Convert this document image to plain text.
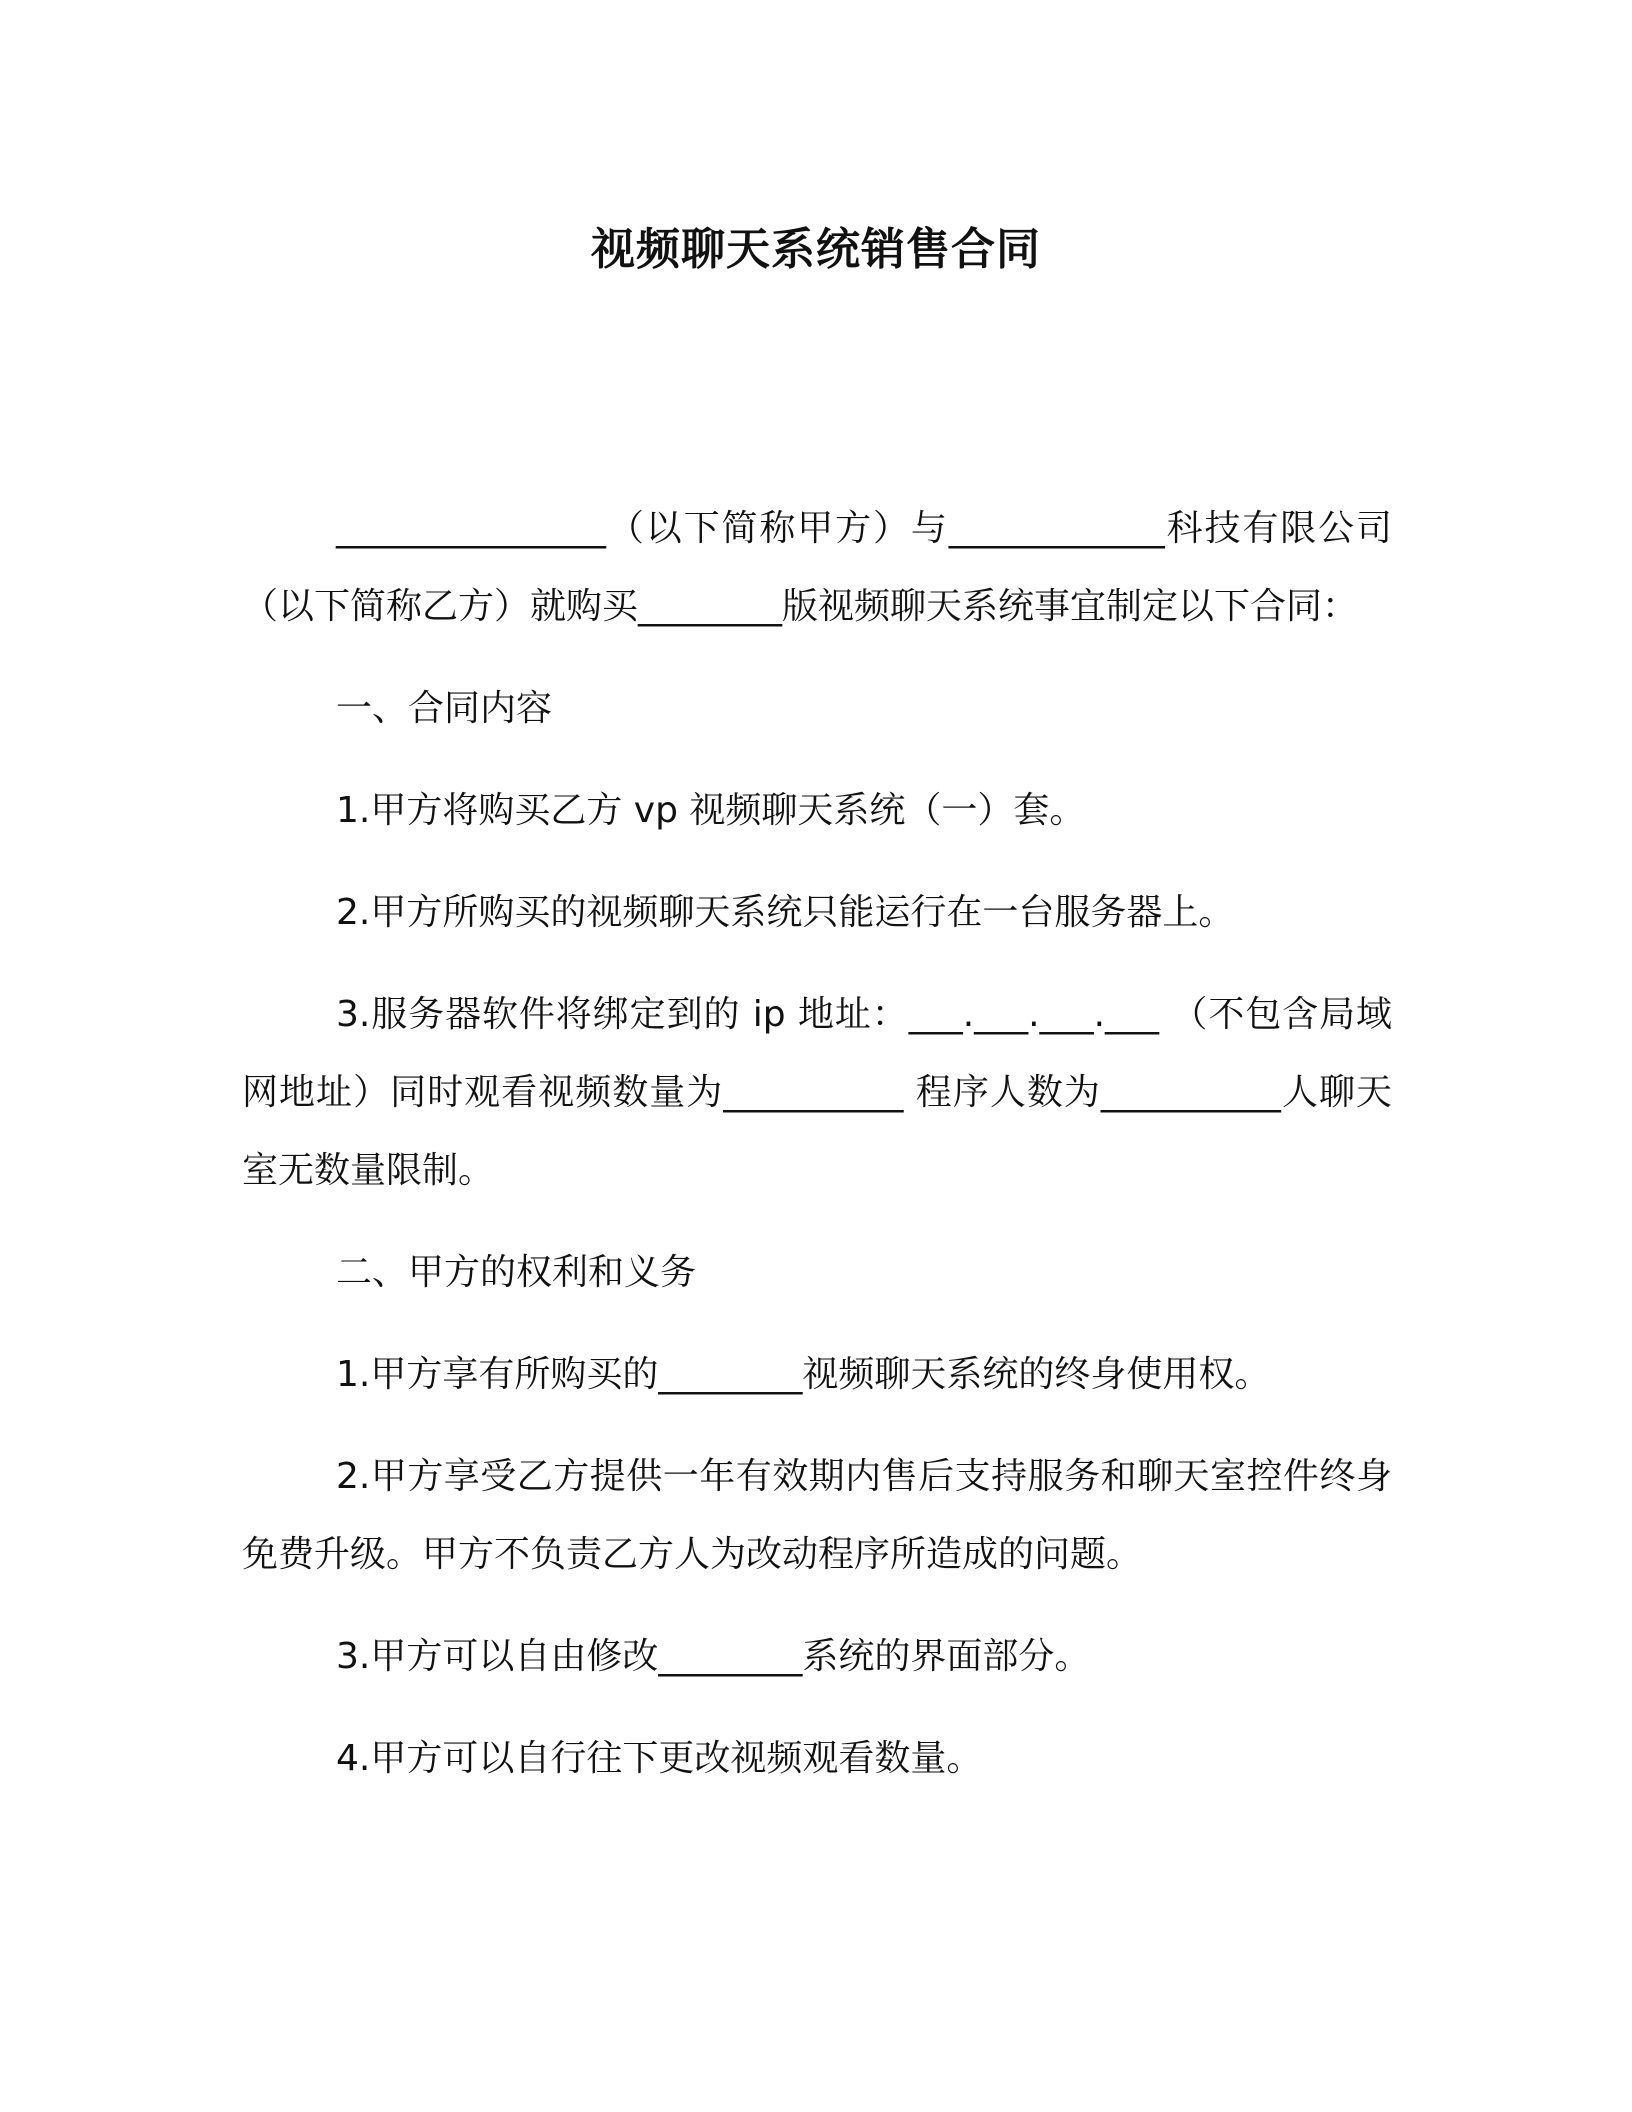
视频聊天系统销售合同

_______________（以下简称甲方）与____________科技有限公司（以下简称乙方）就购买________版视频聊天系统事宜制定以下合同：

一、合同内容

1.甲方将购买乙方 vp 视频聊天系统（一）套。

2.甲方所购买的视频聊天系统只能运行在一台服务器上。

3.服务器软件将绑定到的 ip 地址：___.___.___.___ （不包含局域网地址）同时观看视频数量为__________ 程序人数为__________人聊天室无数量限制。

二、甲方的权利和义务

1.甲方享有所购买的________视频聊天系统的终身使用权。

2.甲方享受乙方提供一年有效期内售后支持服务和聊天室控件终身免费升级。甲方不负责乙方人为改动程序所造成的问题。

3.甲方可以自由修改________系统的界面部分。

4.甲方可以自行往下更改视频观看数量。
